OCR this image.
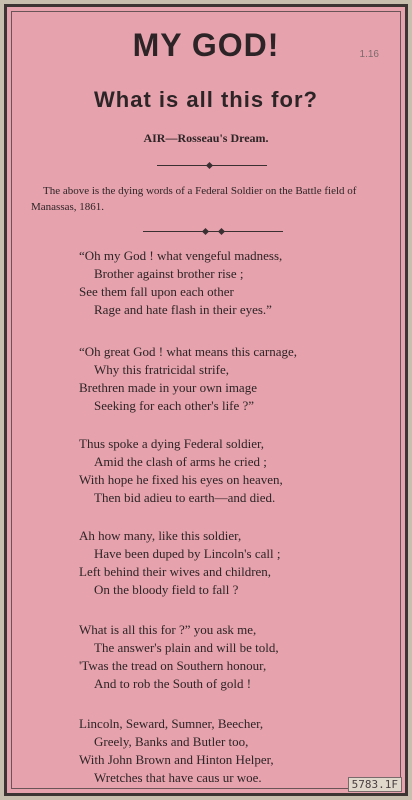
1.16
MY GOD!
What is all this for?
AIR—Rosseau's Dream.
The above is the dying words of a Federal Soldier on the Battle field of Manassas, 1861.
“Oh my God ! what vengeful madness,
Brother against brother rise ;
See them fall upon each other
Rage and hate flash in their eyes.”
“Oh great God ! what means this carnage,
Why this fratricidal strife,
Brethren made in your own image
Seeking for each other's life ?”
Thus spoke a dying Federal soldier,
Amid the clash of arms he cried ;
With hope he fixed his eyes on heaven,
Then bid adieu to earth—and died.
Ah how many, like this soldier,
Have been duped by Lincoln's call ;
Left behind their wives and children,
On the bloody field to fall ?
What is all this for ?” you ask me,
The answer's plain and will be told,
'Twas the tread on Southern honour,
And to rob the South of gold !
Lincoln, Seward, Sumner, Beecher,
Greely, Banks and Butler too,
With John Brown and Hinton Helper,
Wretches that have caus ur woe.	5783.1F
